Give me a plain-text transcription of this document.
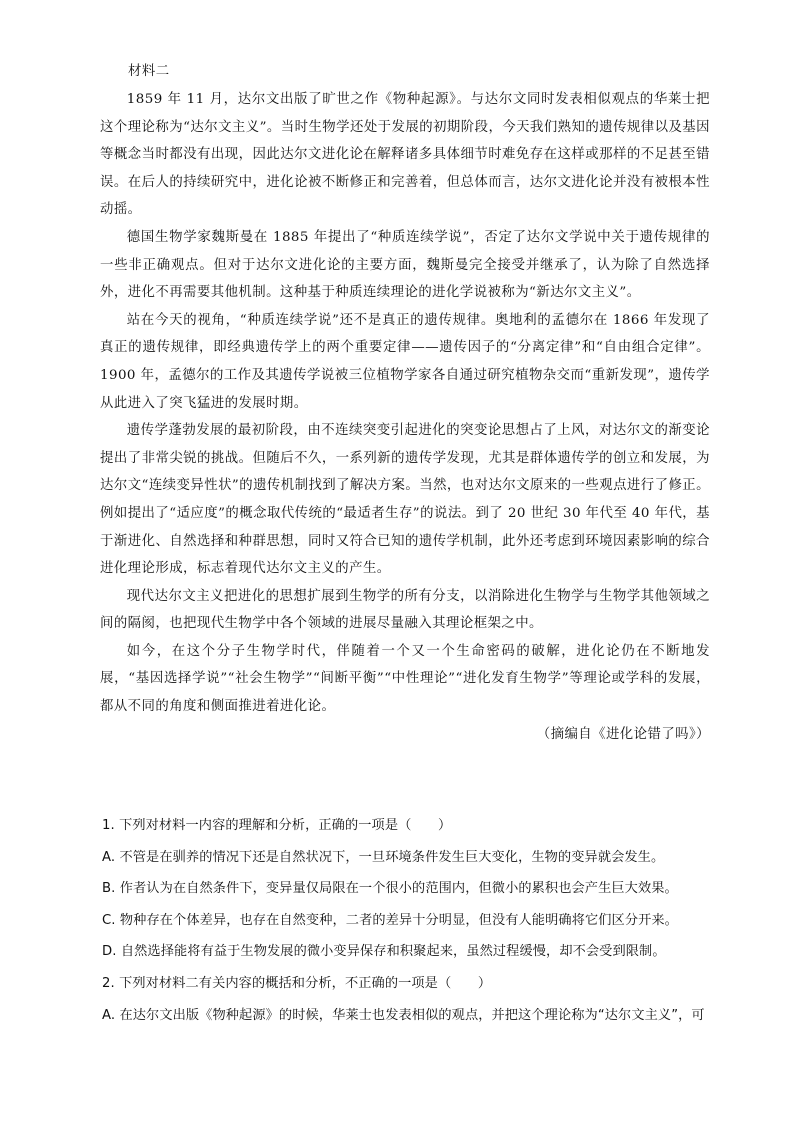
材料二

1859 年 11 月，达尔文出版了旷世之作《物种起源》。与达尔文同时发表相似观点的华莱士把这个理论称为“达尔文主义”。当时生物学还处于发展的初期阶段，今天我们熟知的遗传规律以及基因等概念当时都没有出现，因此达尔文进化论在解释诸多具体细节时难免存在这样或那样的不足甚至错误。在后人的持续研究中，进化论被不断修正和完善着，但总体而言，达尔文进化论并没有被根本性动摇。

德国生物学家魏斯曼在 1885 年提出了“种质连续学说”，否定了达尔文学说中关于遗传规律的一些非正确观点。但对于达尔文进化论的主要方面，魏斯曼完全接受并继承了，认为除了自然选择外，进化不再需要其他机制。这种基于种质连续理论的进化学说被称为“新达尔文主义”。

站在今天的视角，“种质连续学说”还不是真正的遗传规律。奥地利的孟德尔在 1866 年发现了真正的遗传规律，即经典遗传学上的两个重要定律——遗传因子的“分离定律”和“自由组合定律”。1900 年，孟德尔的工作及其遗传学说被三位植物学家各自通过研究植物杂交而“重新发现”，遗传学从此进入了突飞猛进的发展时期。

遗传学蓬勃发展的最初阶段，由不连续突变引起进化的突变论思想占了上风，对达尔文的渐变论提出了非常尖锐的挑战。但随后不久，一系列新的遗传学发现，尤其是群体遗传学的创立和发展，为达尔文“连续变异性状”的遗传机制找到了解决方案。当然，也对达尔文原来的一些观点进行了修正。例如提出了“适应度”的概念取代传统的“最适者生存”的说法。到了 20 世纪 30 年代至 40 年代，基于渐进化、自然选择和种群思想，同时又符合已知的遗传学机制，此外还考虑到环境因素影响的综合进化理论形成，标志着现代达尔文主义的产生。

现代达尔文主义把进化的思想扩展到生物学的所有分支，以消除进化生物学与生物学其他领域之间的隔阂，也把现代生物学中各个领域的进展尽量融入其理论框架之中。

如今，在这个分子生物学时代，伴随着一个又一个生命密码的破解，进化论仍在不断地发展，“基因选择学说”“社会生物学”“间断平衡”“中性理论”“进化发育生物学”等理论或学科的发展，都从不同的角度和侧面推进着进化论。

（摘编自《进化论错了吗》）

1. 下列对材料一内容的理解和分析，正确的一项是（　　）

A. 不管是在驯养的情况下还是自然状况下，一旦环境条件发生巨大变化，生物的变异就会发生。

B. 作者认为在自然条件下，变异量仅局限在一个很小的范围内，但微小的累积也会产生巨大效果。

C. 物种存在个体差异，也存在自然变种，二者的差异十分明显，但没有人能明确将它们区分开来。

D. 自然选择能将有益于生物发展的微小变异保存和积聚起来，虽然过程缓慢，却不会受到限制。

2. 下列对材料二有关内容的概括和分析，不正确的一项是（　　）

A. 在达尔文出版《物种起源》的时候，华莱士也发表相似的观点，并把这个理论称为“达尔文主义”，可
